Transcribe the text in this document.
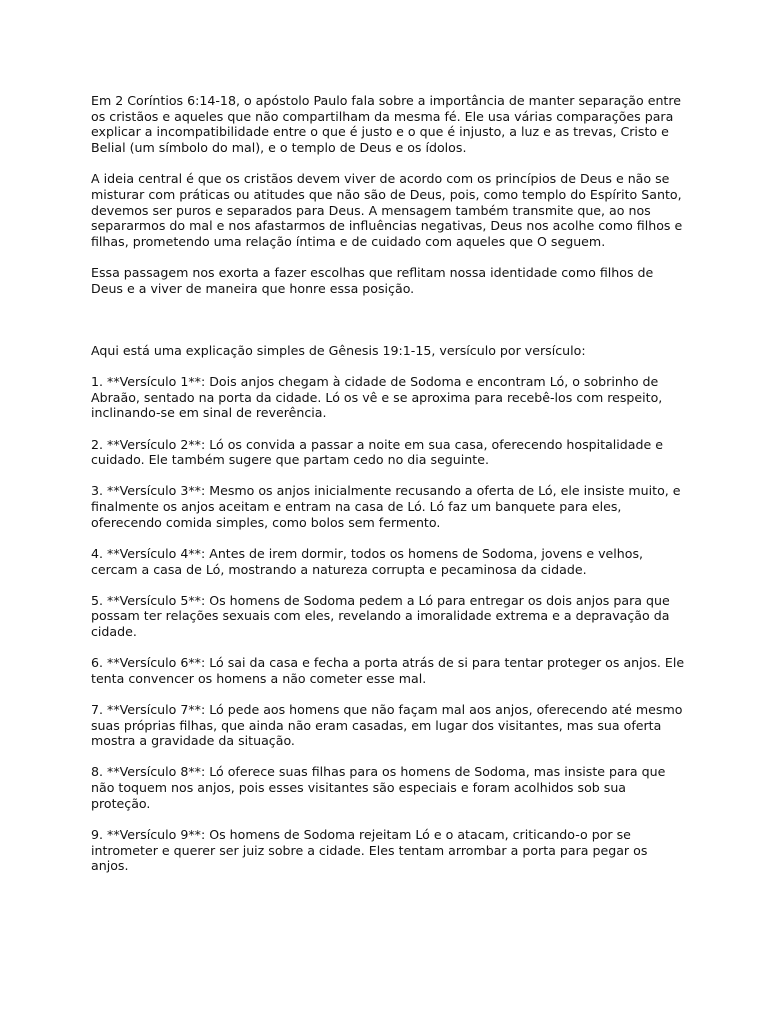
Em 2 Coríntios 6:14-18, o apóstolo Paulo fala sobre a importância de manter separação entre os cristãos e aqueles que não compartilham da mesma fé. Ele usa várias comparações para explicar a incompatibilidade entre o que é justo e o que é injusto, a luz e as trevas, Cristo e Belial (um símbolo do mal), e o templo de Deus e os ídolos.

A ideia central é que os cristãos devem viver de acordo com os princípios de Deus e não se misturar com práticas ou atitudes que não são de Deus, pois, como templo do Espírito Santo, devemos ser puros e separados para Deus. A mensagem também transmite que, ao nos separarmos do mal e nos afastarmos de influências negativas, Deus nos acolhe como filhos e filhas, prometendo uma relação íntima e de cuidado com aqueles que O seguem.

Essa passagem nos exorta a fazer escolhas que reflitam nossa identidade como filhos de Deus e a viver de maneira que honre essa posição.

Aqui está uma explicação simples de Gênesis 19:1-15, versículo por versículo:

1. **Versículo 1**: Dois anjos chegam à cidade de Sodoma e encontram Ló, o sobrinho de Abraão, sentado na porta da cidade. Ló os vê e se aproxima para recebê-los com respeito, inclinando-se em sinal de reverência.

2. **Versículo 2**: Ló os convida a passar a noite em sua casa, oferecendo hospitalidade e cuidado. Ele também sugere que partam cedo no dia seguinte.

3. **Versículo 3**: Mesmo os anjos inicialmente recusando a oferta de Ló, ele insiste muito, e finalmente os anjos aceitam e entram na casa de Ló. Ló faz um banquete para eles, oferecendo comida simples, como bolos sem fermento.

4. **Versículo 4**: Antes de irem dormir, todos os homens de Sodoma, jovens e velhos, cercam a casa de Ló, mostrando a natureza corrupta e pecaminosa da cidade.

5. **Versículo 5**: Os homens de Sodoma pedem a Ló para entregar os dois anjos para que possam ter relações sexuais com eles, revelando a imoralidade extrema e a depravação da cidade.

6. **Versículo 6**: Ló sai da casa e fecha a porta atrás de si para tentar proteger os anjos. Ele tenta convencer os homens a não cometer esse mal.

7. **Versículo 7**: Ló pede aos homens que não façam mal aos anjos, oferecendo até mesmo suas próprias filhas, que ainda não eram casadas, em lugar dos visitantes, mas sua oferta mostra a gravidade da situação.

8. **Versículo 8**: Ló oferece suas filhas para os homens de Sodoma, mas insiste para que não toquem nos anjos, pois esses visitantes são especiais e foram acolhidos sob sua proteção.

9. **Versículo 9**: Os homens de Sodoma rejeitam Ló e o atacam, criticando-o por se intrometer e querer ser juiz sobre a cidade. Eles tentam arrombar a porta para pegar os anjos.
